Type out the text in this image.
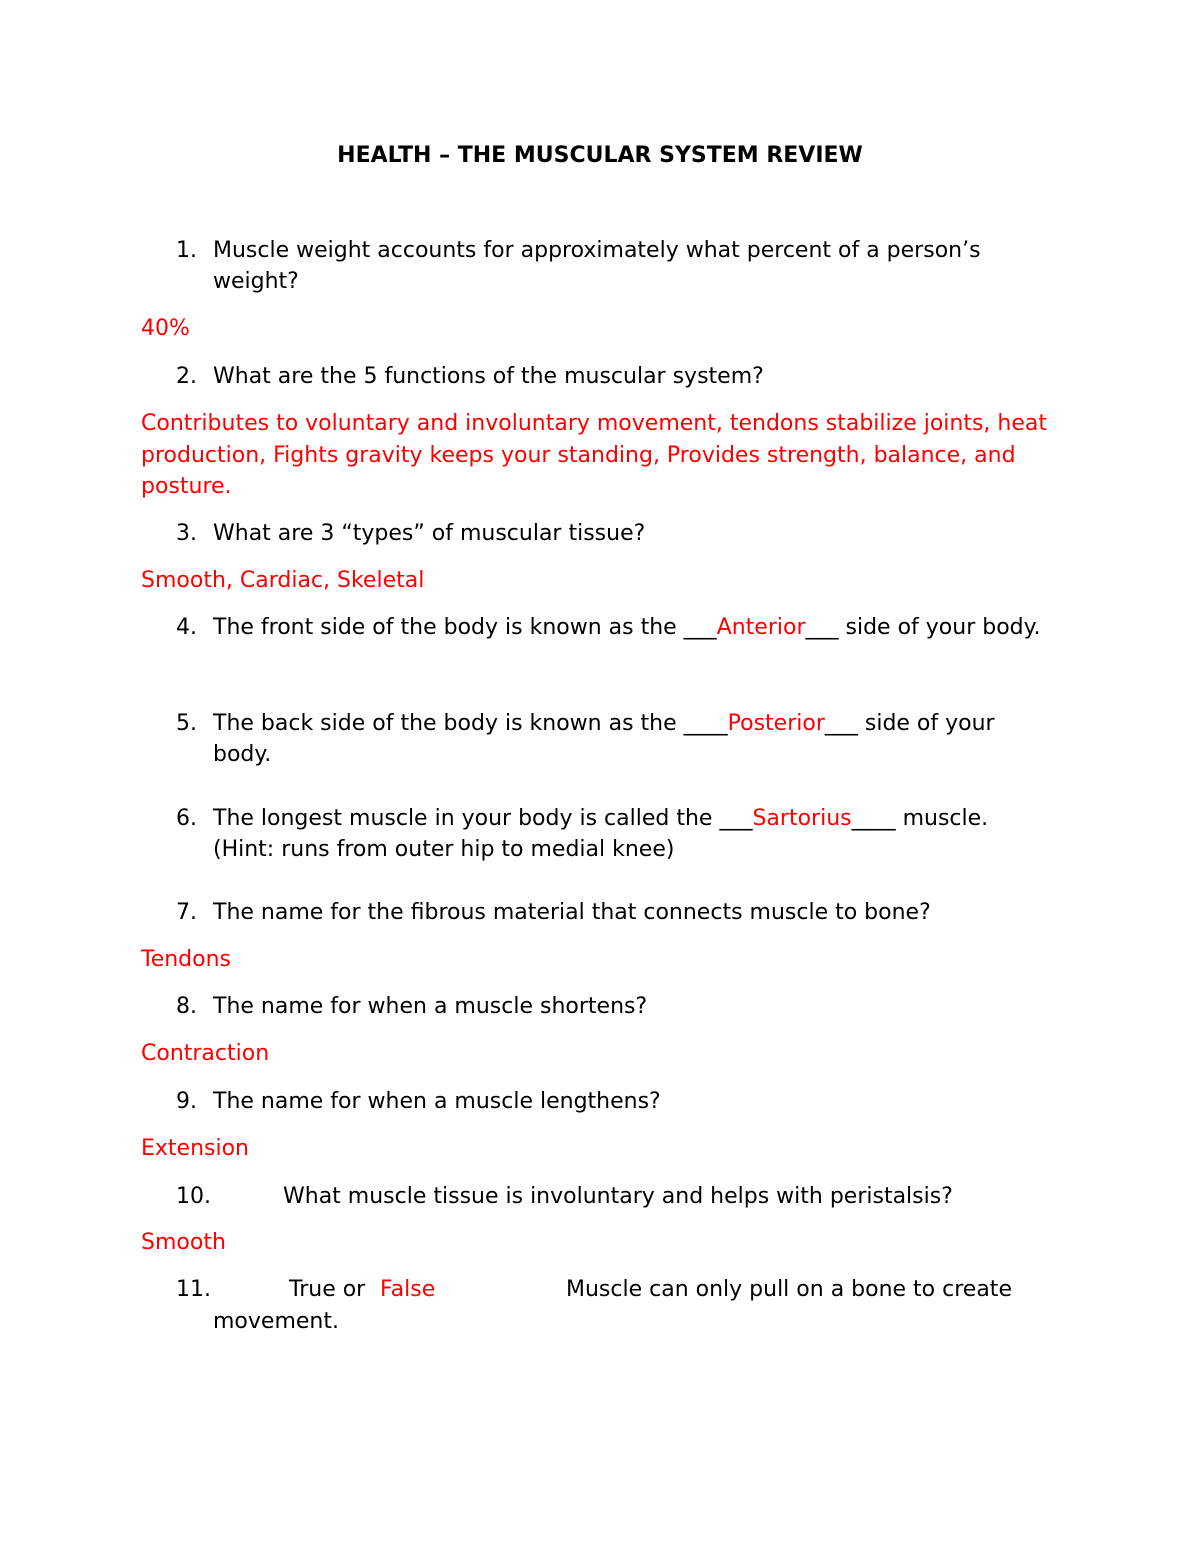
HEALTH – THE MUSCULAR SYSTEM REVIEW
1. Muscle weight accounts for approximately what percent of a person’s weight?
40%
2. What are the 5 functions of the muscular system?
Contributes to voluntary and involuntary movement, tendons stabilize joints, heat production, Fights gravity keeps your standing, Provides strength, balance, and posture.
3. What are 3 “types” of muscular tissue?
Smooth, Cardiac, Skeletal
4. The front side of the body is known as the ___Anterior___ side of your body.
5. The back side of the body is known as the ____Posterior___ side of your body.
6. The longest muscle in your body is called the ___Sartorius____ muscle. (Hint: runs from outer hip to medial knee)
7. The name for the fibrous material that connects muscle to bone?
Tendons
8. The name for when a muscle shortens?
Contraction
9. The name for when a muscle lengthens?
Extension
10.	What muscle tissue is involuntary and helps with peristalsis?
Smooth
11.	True or False	Muscle can only pull on a bone to create
movement.
